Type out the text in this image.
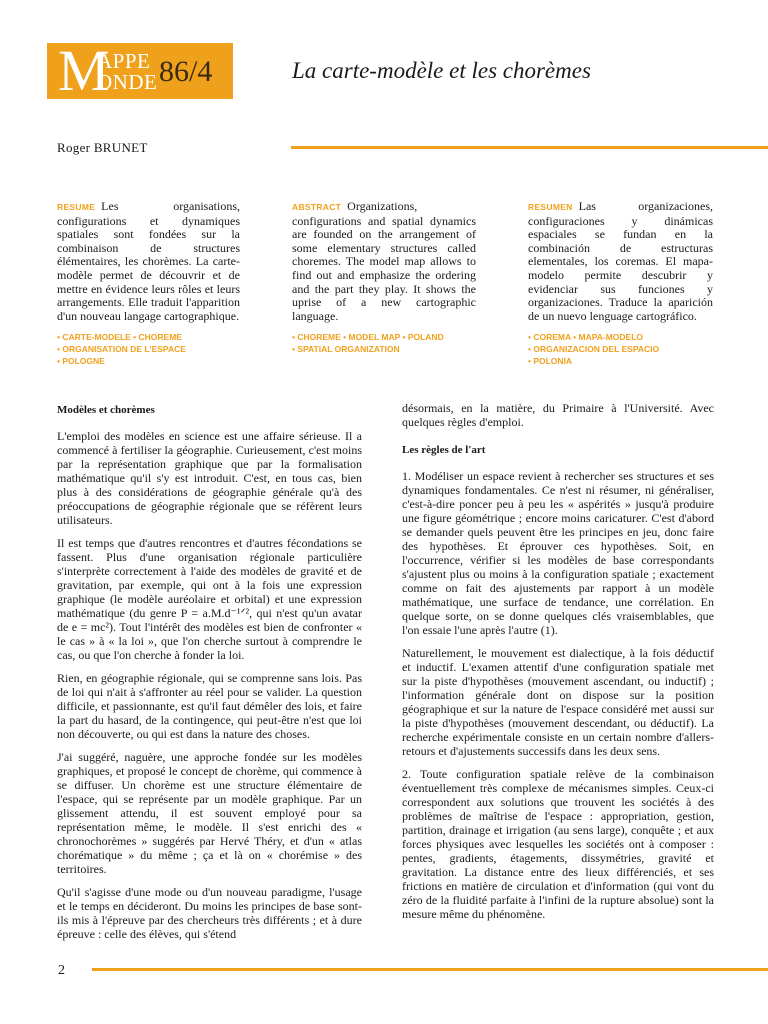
M
APPE
ONDE 86/4	La carte-modèle et les chorèmes
Roger BRUNET
RESUME Les organisations, configurations et dynamiques spatiales sont fondées sur la combinaison de structures élémentaires, les chorèmes. La carte-modèle permet de découvrir et de mettre en évidence leurs rôles et leurs arrangements. Elle traduit l'apparition d'un nouveau langage cartographique.
• CARTE-MODELE • CHOREME
• ORGANISATION DE L'ESPACE
• POLOGNE
ABSTRACT Organizations, configurations and spatial dynamics are founded on the arrangement of some elementary structures called choremes. The model map allows to find out and emphasize the ordering and the part they play. It shows the uprise of a new cartographic language.
• CHOREME • MODEL MAP • POLAND
• SPATIAL ORGANIZATION
RESUMEN Las organizaciones, configuraciones y dinámicas espaciales se fundan en la combinación de estructuras elementales, los coremas. El mapa-modelo permite descubrir y evidenciar sus funciones y organizaciones. Traduce la aparición de un nuevo lenguage cartográfico.
• COREMA • MAPA-MODELO
• ORGANIZACION DEL ESPACIO
• POLONIA
Modèles et chorèmes

L'emploi des modèles en science est une affaire sérieuse. Il a commencé à fertiliser la géographie. Curieusement, c'est moins par la représentation graphique que par la formalisation mathématique qu'il s'y est introduit. C'est, en tous cas, bien plus à des considérations de géographie générale qu'à des préoccupations de géographie régionale que se réfèrent leurs utilisateurs.

Il est temps que d'autres rencontres et d'autres fécondations se fassent. Plus d'une organisation régionale particulière s'interprète correctement à l'aide des modèles de gravité et de gravitation, par exemple, qui ont à la fois une expression graphique (le modèle auréolaire et orbital) et une expression mathématique (du genre P = a.M.d⁻¹ᐟ², qui n'est qu'un avatar de e = mc²). Tout l'intérêt des modèles est bien de confronter « le cas » à « la loi », que l'on cherche surtout à comprendre le cas, ou que l'on cherche à fonder la loi.

Rien, en géographie régionale, qui se comprenne sans lois. Pas de loi qui n'ait à s'affronter au réel pour se valider. La question difficile, et passionnante, est qu'il faut démêler des lois, et faire la part du hasard, de la contingence, qui peut-être n'est que loi non découverte, ou qui est dans la nature des choses.

J'ai suggéré, naguère, une approche fondée sur les modèles graphiques, et proposé le concept de chorème, qui commence à se diffuser. Un chorème est une structure élémentaire de l'espace, qui se représente par un modèle graphique. Par un glissement attendu, il est souvent employé pour sa représentation même, le modèle. Il s'est enrichi des « chronochorèmes » suggérés par Hervé Théry, et d'un « atlas chorématique » du même ; ça et là on « chorémise » des territoires.

Qu'il s'agisse d'une mode ou d'un nouveau paradigme, l'usage et le temps en décideront. Du moins les principes de base sont-ils mis à l'épreuve par des chercheurs très différents ; et à dure épreuve : celle des élèves, qui s'étend

désormais, en la matière, du Primaire à l'Université. Avec quelques règles d'emploi.

Les règles de l'art

1. Modéliser un espace revient à rechercher ses structures et ses dynamiques fondamentales. Ce n'est ni résumer, ni généraliser, c'est-à-dire poncer peu à peu les « aspérités » jusqu'à produire une figure géométrique ; encore moins caricaturer. C'est d'abord se demander quels peuvent être les principes en jeu, donc faire des hypothèses. Et éprouver ces hypothèses. Soit, en l'occurrence, vérifier si les modèles de base correspondants s'ajustent plus ou moins à la configuration spatiale ; exactement comme on fait des ajustements par rapport à un modèle mathématique, une surface de tendance, une corrélation. En quelque sorte, on se donne quelques clés vraisemblables, que l'on essaie l'une après l'autre (1).

Naturellement, le mouvement est dialectique, à la fois déductif et inductif. L'examen attentif d'une configuration spatiale met sur la piste d'hypothèses (mouvement ascendant, ou inductif) ; l'information générale dont on dispose sur la position géographique et sur la nature de l'espace considéré met aussi sur la piste d'hypothèses (mouvement descendant, ou déductif). La recherche expérimentale consiste en un certain nombre d'allers-retours et d'ajustements successifs dans les deux sens.

2. Toute configuration spatiale relève de la combinaison éventuellement très complexe de mécanismes simples. Ceux-ci correspondent aux solutions que trouvent les sociétés à des problèmes de maîtrise de l'espace : appropriation, gestion, partition, drainage et irrigation (au sens large), conquête ; et aux forces physiques avec lesquelles les sociétés ont à composer : pentes, gradients, étagements, dissymétries, gravité et gravitation. La distance entre des lieux différenciés, et ses frictions en matière de circulation et d'information (qui vont du zéro de la fluidité parfaite à l'infini de la rupture absolue) sont la mesure même du phénomène.

2
